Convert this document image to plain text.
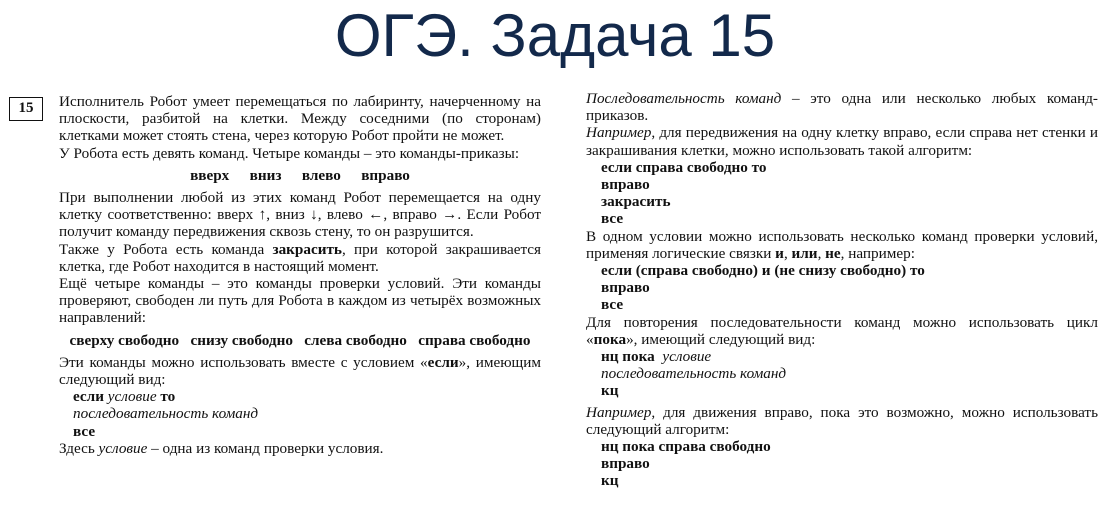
ОГЭ. Задача 15
15	Исполнитель Робот умеет перемещаться по лабиринту, начерченному на плоскости, разбитой на клетки. Между соседними (по сторонам) клетками может стоять стена, через которую Робот пройти не может.
У Робота есть девять команд. Четыре команды – это команды-приказы:
вверх   вниз   влево   вправо
При выполнении любой из этих команд Робот перемещается на одну клетку соответственно: вверх ↑, вниз ↓, влево ←, вправо →. Если Робот получит команду передвижения сквозь стену, то он разрушится.
Также у Робота есть команда закрасить, при которой закрашивается клетка, где Робот находится в настоящий момент.
Ещё четыре команды – это команды проверки условий. Эти команды проверяют, свободен ли путь для Робота в каждом из четырёх возможных направлений:
сверху свободно   снизу свободно   слева свободно   справа свободно
Эти команды можно использовать вместе с условием «если», имеющим следующий вид:
если условие то
последовательность команд
все
Здесь условие – одна из команд проверки условия.
Последовательность команд – это одна или несколько любых команд-приказов.
Например, для передвижения на одну клетку вправо, если справа нет стенки и закрашивания клетки, можно использовать такой алгоритм:
если справа свободно то
вправо
закрасить
все
В одном условии можно использовать несколько команд проверки условий, применяя логические связки и, или, не, например:
если (справа свободно) и (не снизу свободно) то
вправо
все
Для повторения последовательности команд можно использовать цикл «пока», имеющий следующий вид:
нц пока условие
последовательность команд
кц
Например, для движения вправо, пока это возможно, можно использовать следующий алгоритм:
нц пока справа свободно
вправо
кц
